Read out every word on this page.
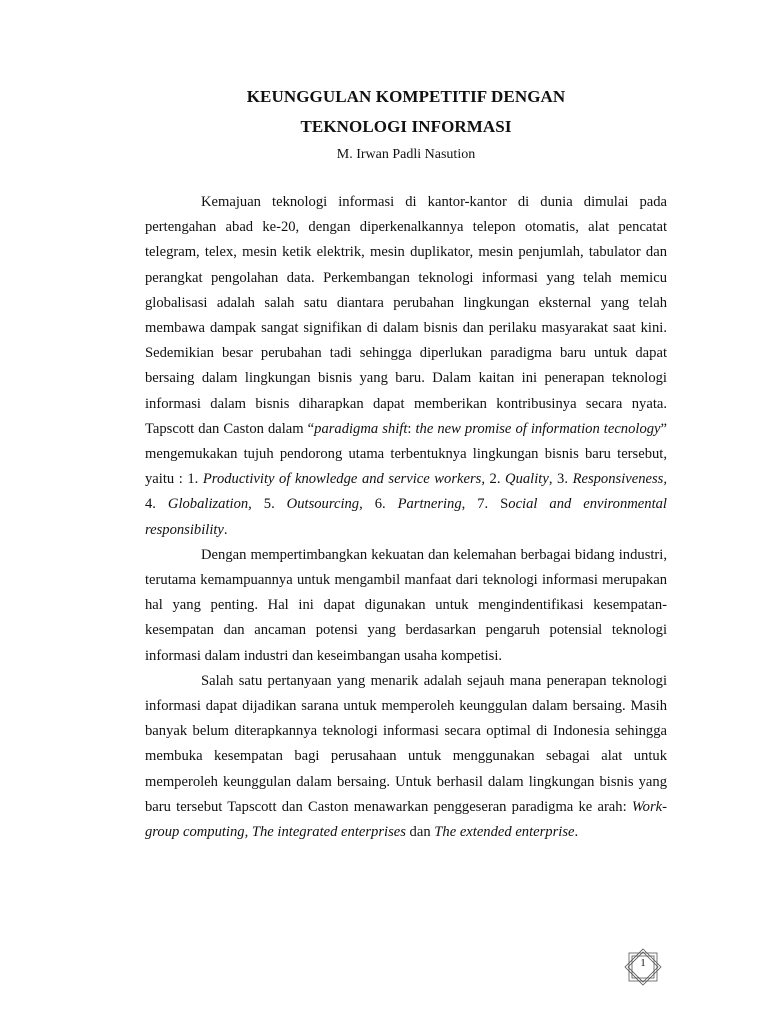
KEUNGGULAN KOMPETITIF DENGAN
TEKNOLOGI INFORMASI
M. Irwan Padli Nasution

Kemajuan teknologi informasi di kantor-kantor di dunia dimulai pada pertengahan abad ke-20, dengan diperkenalkannya telepon otomatis, alat pencatat telegram, telex, mesin ketik elektrik, mesin duplikator, mesin penjumlah, tabulator dan perangkat pengolahan data. Perkembangan teknologi informasi yang telah memicu globalisasi adalah salah satu diantara perubahan lingkungan eksternal yang telah membawa dampak sangat signifikan di dalam bisnis dan perilaku masyarakat saat kini. Sedemikian besar perubahan tadi sehingga diperlukan paradigma baru untuk dapat bersaing dalam lingkungan bisnis yang baru. Dalam kaitan ini penerapan teknologi informasi dalam bisnis diharapkan dapat memberikan kontribusinya secara nyata. Tapscott dan Caston dalam “paradigma shift: the new promise of information tecnology” mengemukakan tujuh pendorong utama terbentuknya lingkungan bisnis baru tersebut, yaitu : 1. Productivity of knowledge and service workers, 2. Quality, 3. Responsiveness, 4. Globalization, 5. Outsourcing, 6. Partnering, 7. Social and environmental responsibility.

Dengan mempertimbangkan kekuatan dan kelemahan berbagai bidang industri, terutama kemampuannya untuk mengambil manfaat dari teknologi informasi merupakan hal yang penting. Hal ini dapat digunakan untuk mengindentifikasi kesempatan-kesempatan dan ancaman potensi yang berdasarkan pengaruh potensial teknologi informasi dalam industri dan keseimbangan usaha kompetisi.

Salah satu pertanyaan yang menarik adalah sejauh mana penerapan teknologi informasi dapat dijadikan sarana untuk memperoleh keunggulan dalam bersaing. Masih banyak belum diterapkannya teknologi informasi secara optimal di Indonesia sehingga membuka kesempatan bagi perusahaan untuk menggunakan sebagai alat untuk memperoleh keunggulan dalam bersaing. Untuk berhasil dalam lingkungan bisnis yang baru tersebut Tapscott dan Caston menawarkan penggeseran paradigma ke arah: Work-group computing, The integrated enterprises dan The extended enterprise.

1
